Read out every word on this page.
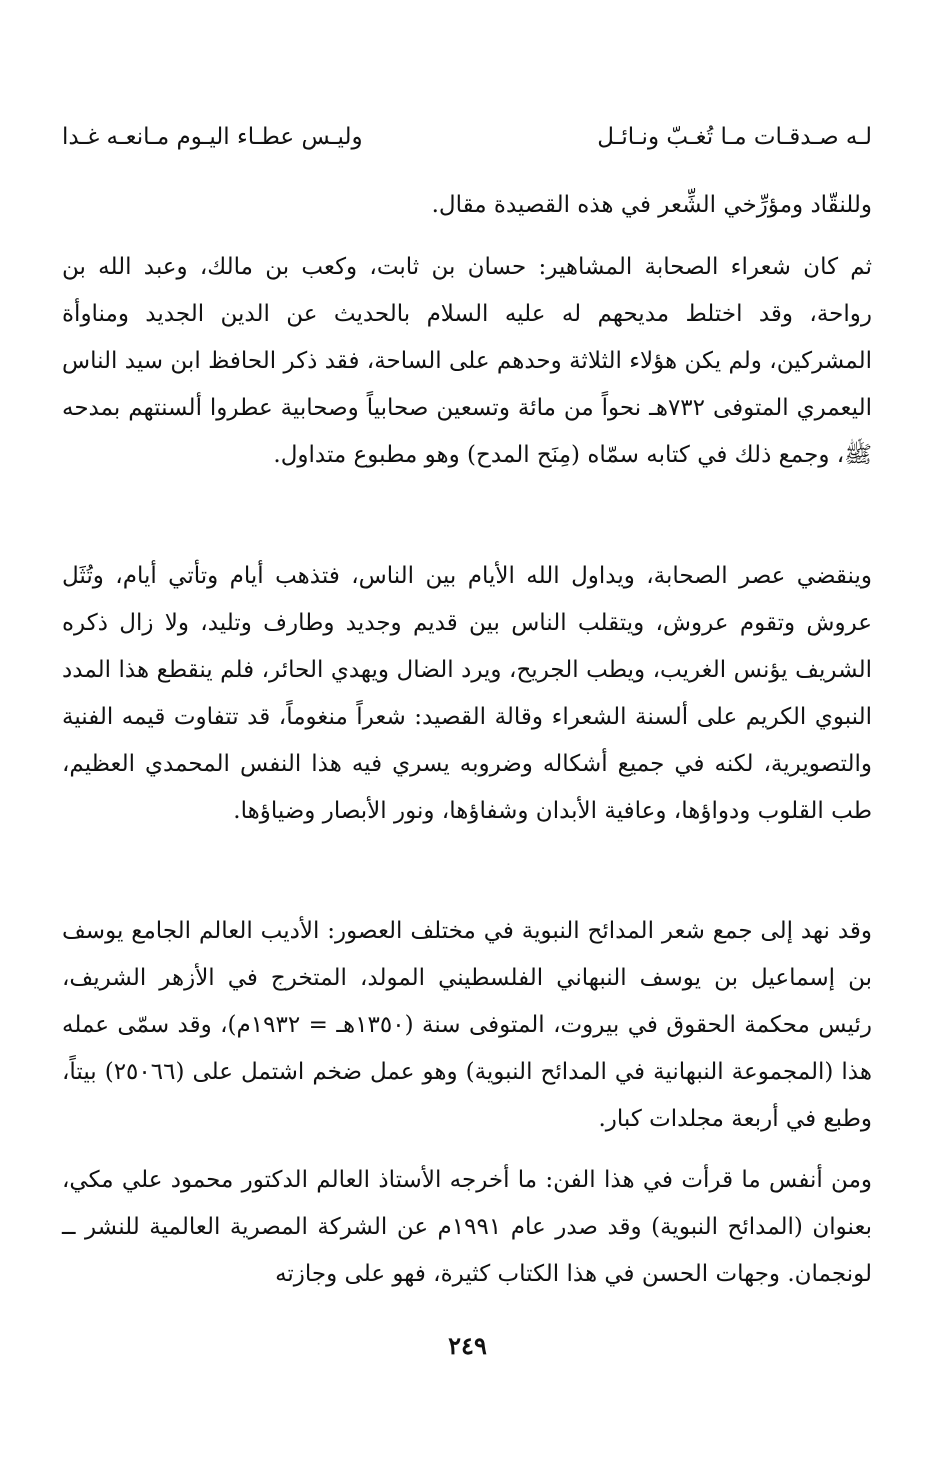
لـه صـدقـات مـا تُغـبّ ونـائـل
وليـس عطـاء اليـوم مـانعـه غـدا

وللنقّاد ومؤرِّخي الشِّعر في هذه القصيدة مقال.

ثم كان شعراء الصحابة المشاهير: حسان بن ثابت، وكعب بن مالك، وعبد الله بن رواحة، وقد اختلط مديحهم له عليه السلام بالحديث عن الدين الجديد ومناوأة المشركين، ولم يكن هؤلاء الثلاثة وحدهم على الساحة، فقد ذكر الحافظ ابن سيد الناس اليعمري المتوفى ٧٣٢هـ نحواً من مائة وتسعين صحابياً وصحابية عطروا ألسنتهم بمدحه ﷺ، وجمع ذلك في كتابه سمّاه (مِنَح المدح) وهو مطبوع متداول.

وينقضي عصر الصحابة، ويداول الله الأيام بين الناس، فتذهب أيام وتأتي أيام، وتُثَل عروش وتقوم عروش، ويتقلب الناس بين قديم وجديد وطارف وتليد، ولا زال ذكره الشريف يؤنس الغريب، ويطب الجريح، ويرد الضال ويهدي الحائر، فلم ينقطع هذا المدد النبوي الكريم على ألسنة الشعراء وقالة القصيد: شعراً منغوماً، قد تتفاوت قيمه الفنية والتصويرية، لكنه في جميع أشكاله وضروبه يسري فيه هذا النفس المحمدي العظيم، طب القلوب ودواؤها، وعافية الأبدان وشفاؤها، ونور الأبصار وضياؤها.

وقد نهد إلى جمع شعر المدائح النبوية في مختلف العصور: الأديب العالم الجامع يوسف بن إسماعيل بن يوسف النبهاني الفلسطيني المولد، المتخرج في الأزهر الشريف، رئيس محكمة الحقوق في بيروت، المتوفى سنة (١٣٥٠هـ = ١٩٣٢م)، وقد سمّى عمله هذا (المجموعة النبهانية في المدائح النبوية) وهو عمل ضخم اشتمل على (٢٥٠٦٦) بيتاً، وطبع في أربعة مجلدات كبار.

ومن أنفس ما قرأت في هذا الفن: ما أخرجه الأستاذ العالم الدكتور محمود علي مكي، بعنوان (المدائح النبوية) وقد صدر عام ١٩٩١م عن الشركة المصرية العالمية للنشر ــ لونجمان. وجهات الحسن في هذا الكتاب كثيرة، فهو على وجازته

٢٤٩
